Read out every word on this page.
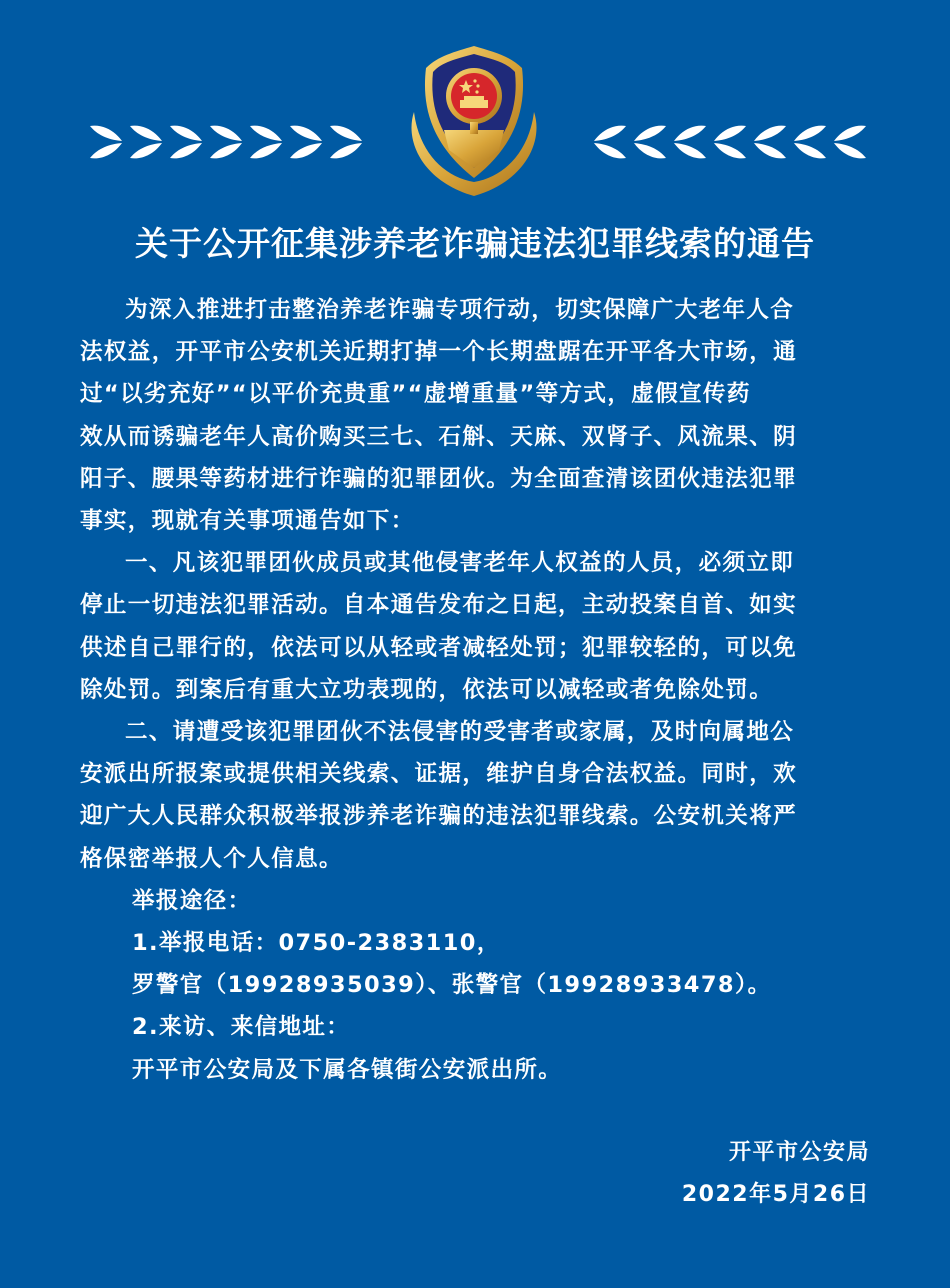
关于公开征集涉养老诈骗违法犯罪线索的通告
为深入推进打击整治养老诈骗专项行动，切实保障广大老年人合
法权益，开平市公安机关近期打掉一个长期盘踞在开平各大市场，通
过“以劣充好”“以平价充贵重”“虚增重量”等方式，虚假宣传药
效从而诱骗老年人高价购买三七、石斛、天麻、双肾子、风流果、阴
阳子、腰果等药材进行诈骗的犯罪团伙。为全面查清该团伙违法犯罪
事实，现就有关事项通告如下：
一、凡该犯罪团伙成员或其他侵害老年人权益的人员，必须立即
停止一切违法犯罪活动。自本通告发布之日起，主动投案自首、如实
供述自己罪行的，依法可以从轻或者减轻处罚；犯罪较轻的，可以免
除处罚。到案后有重大立功表现的，依法可以减轻或者免除处罚。
二、请遭受该犯罪团伙不法侵害的受害者或家属，及时向属地公
安派出所报案或提供相关线索、证据，维护自身合法权益。同时，欢
迎广大人民群众积极举报涉养老诈骗的违法犯罪线索。公安机关将严
格保密举报人个人信息。
举报途径：
1.举报电话：0750-2383110，
罗警官（19928935039）、张警官（19928933478）。
2.来访、来信地址：
开平市公安局及下属各镇街公安派出所。
开平市公安局
2022年5月26日
